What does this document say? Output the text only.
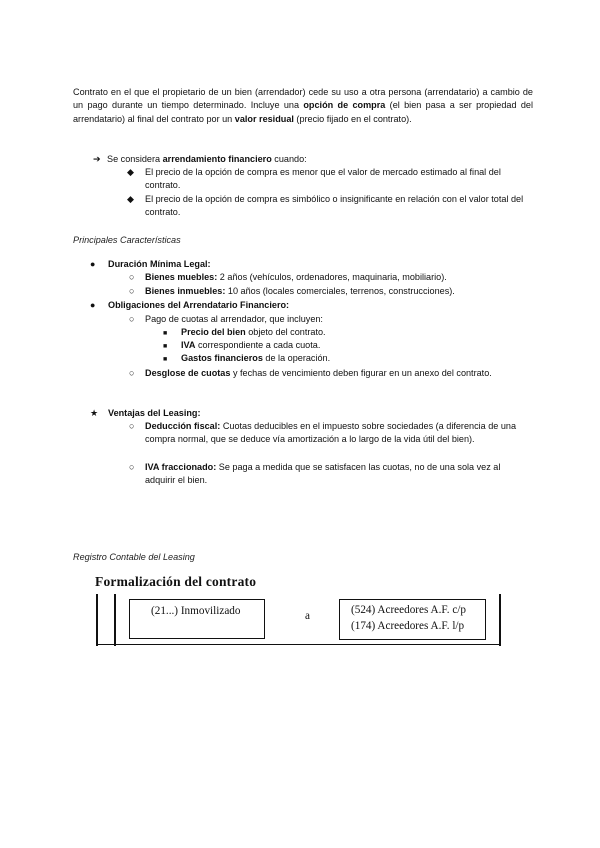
Contrato en el que el propietario de un bien (arrendador) cede su uso a otra persona (arrendatario) a cambio de un pago durante un tiempo determinado. Incluye una opción de compra (el bien pasa a ser propiedad del arrendatario) al final del contrato por un valor residual (precio fijado en el contrato).
➔ Se considera arrendamiento financiero cuando:
◆ El precio de la opción de compra es menor que el valor de mercado estimado al final del contrato.
◆ El precio de la opción de compra es simbólico o insignificante en relación con el valor total del contrato.
Principales Características
● Duración Mínima Legal:
○ Bienes muebles: 2 años (vehículos, ordenadores, maquinaria, mobiliario).
○ Bienes inmuebles: 10 años (locales comerciales, terrenos, construcciones).
● Obligaciones del Arrendatario Financiero:
○ Pago de cuotas al arrendador, que incluyen:
■ Precio del bien objeto del contrato.
■ IVA correspondiente a cada cuota.
■ Gastos financieros de la operación.
○ Desglose de cuotas y fechas de vencimiento deben figurar en un anexo del contrato.
★ Ventajas del Leasing:
○ Deducción fiscal: Cuotas deducibles en el impuesto sobre sociedades (a diferencia de una compra normal, que se deduce vía amortización a lo largo de la vida útil del bien).
○ IVA fraccionado: Se paga a medida que se satisfacen las cuotas, no de una sola vez al adquirir el bien.
Registro Contable del Leasing
Formalización del contrato
(21...) Inmovilizado	a	(524) Acreedores A.F. c/p
(174) Acreedores A.F. l/p
